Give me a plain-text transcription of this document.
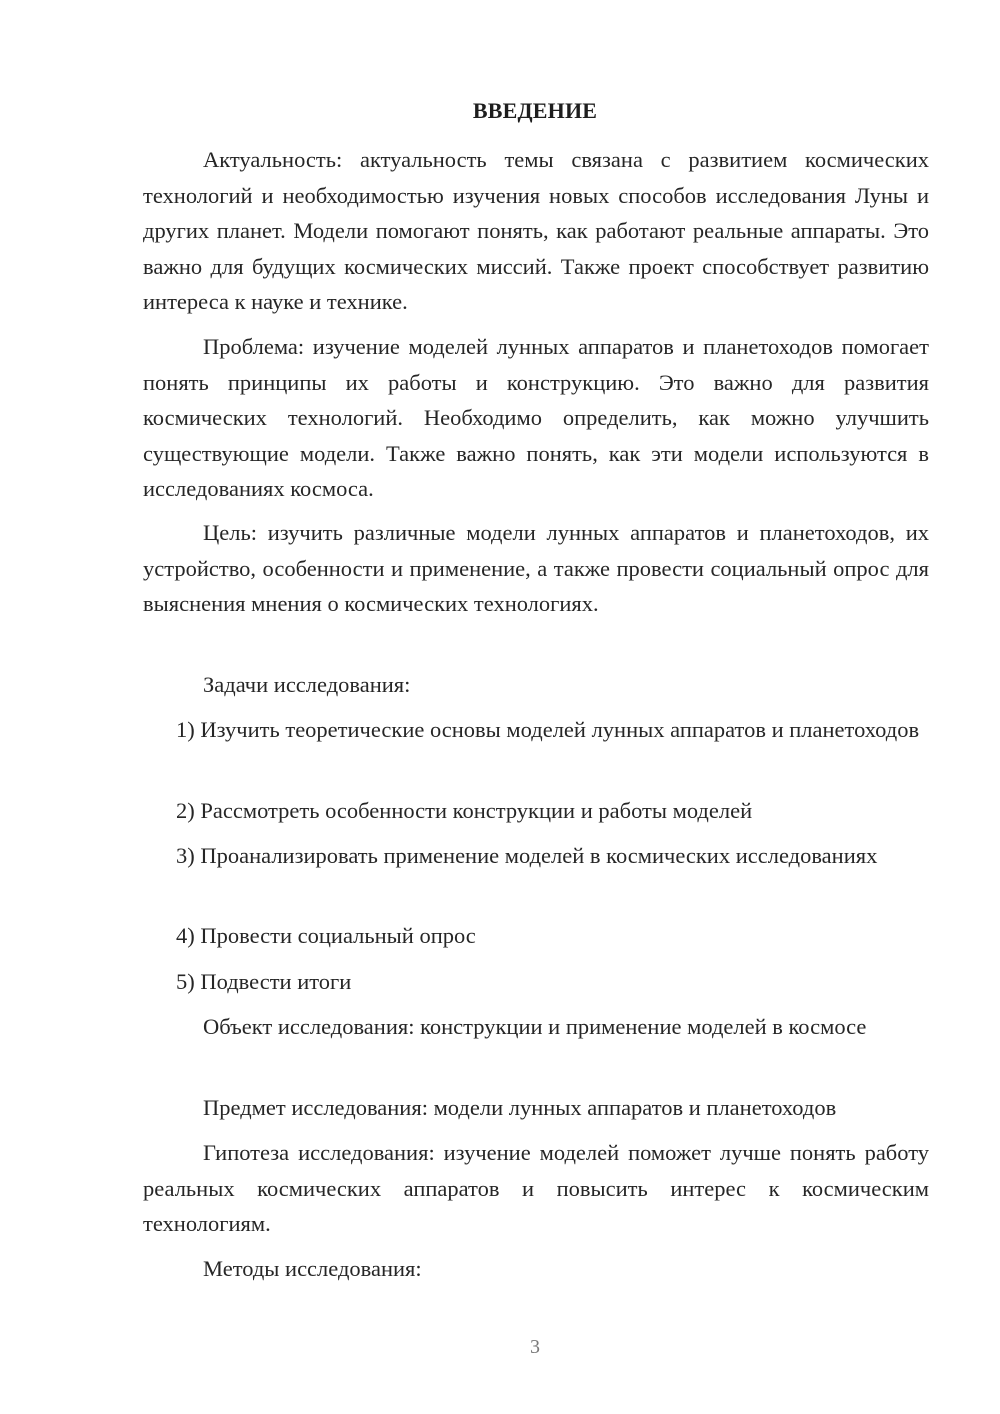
ВВЕДЕНИЕ

Актуальность: актуальность темы связана с развитием космических технологий и необходимостью изучения новых способов исследования Луны и других планет. Модели помогают понять, как работают реальные аппараты. Это важно для будущих космических миссий. Также проект способствует развитию интереса к науке и технике.

Проблема: изучение моделей лунных аппаратов и планетоходов помогает понять принципы их работы и конструкцию. Это важно для развития космических технологий. Необходимо определить, как можно улучшить существующие модели. Также важно понять, как эти модели используются в исследованиях космоса.

Цель: изучить различные модели лунных аппаратов и планетоходов, их устройство, особенности и применение, а также провести социальный опрос для выяснения мнения о космических технологиях.

Задачи исследования:

1) Изучить теоретические основы моделей лунных аппаратов и планетоходов

2) Рассмотреть особенности конструкции и работы моделей

3) Проанализировать применение моделей в космических исследованиях

4) Провести социальный опрос

5) Подвести итоги

Объект исследования: конструкции и применение моделей в космосе

Предмет исследования: модели лунных аппаратов и планетоходов

Гипотеза исследования: изучение моделей поможет лучше понять работу реальных космических аппаратов и повысить интерес к космическим технологиям.

Методы исследования:

3
